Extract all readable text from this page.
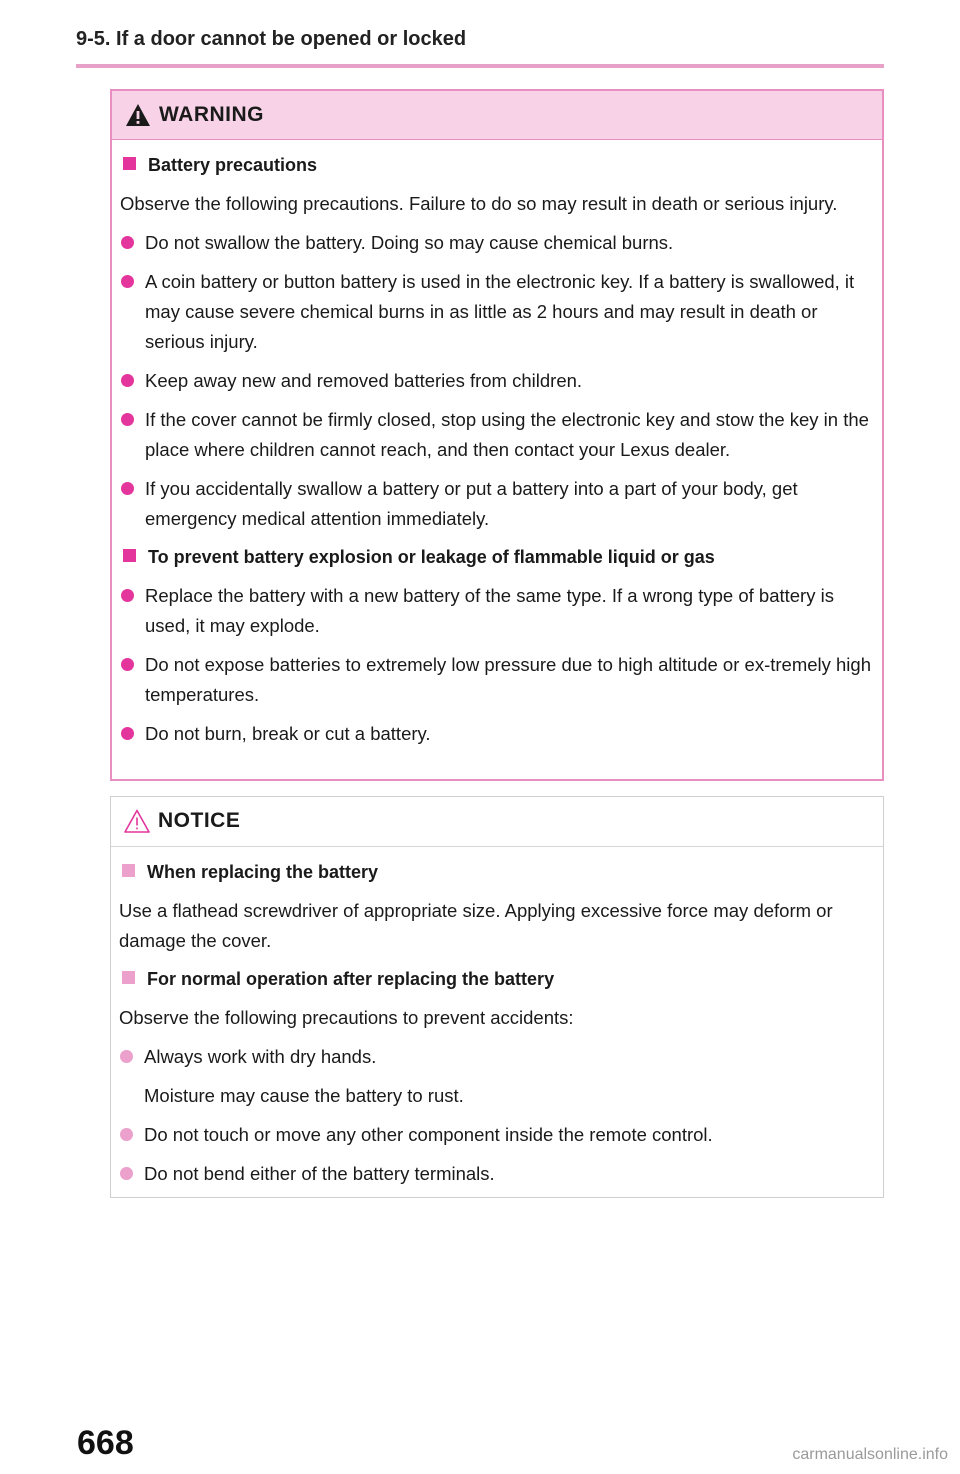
9-5. If a door cannot be opened or locked
WARNING
Battery precautions

Observe the following precautions. Failure to do so may result in death or serious injury.

Do not swallow the battery. Doing so may cause chemical burns.
A coin battery or button battery is used in the electronic key. If a battery is swallowed, it may cause severe chemical burns in as little as 2 hours and may result in death or serious injury.
Keep away new and removed batteries from children.
If the cover cannot be firmly closed, stop using the electronic key and stow the key in the place where children cannot reach, and then contact your Lexus dealer.
If you accidentally swallow a battery or put a battery into a part of your body, get emergency medical attention immediately.
To prevent battery explosion or leakage of flammable liquid or gas
Replace the battery with a new battery of the same type. If a wrong type of battery is used, it may explode.
Do not expose batteries to extremely low pressure due to high altitude or ex-tremely high temperatures.
Do not burn, break or cut a battery.
NOTICE
When replacing the battery

Use a flathead screwdriver of appropriate size. Applying excessive force may deform or damage the cover.

For normal operation after replacing the battery

Observe the following precautions to prevent accidents:

Always work with dry hands.
Moisture may cause the battery to rust.
Do not touch or move any other component inside the remote control.
Do not bend either of the battery terminals.
668	carmanualsonline.info
